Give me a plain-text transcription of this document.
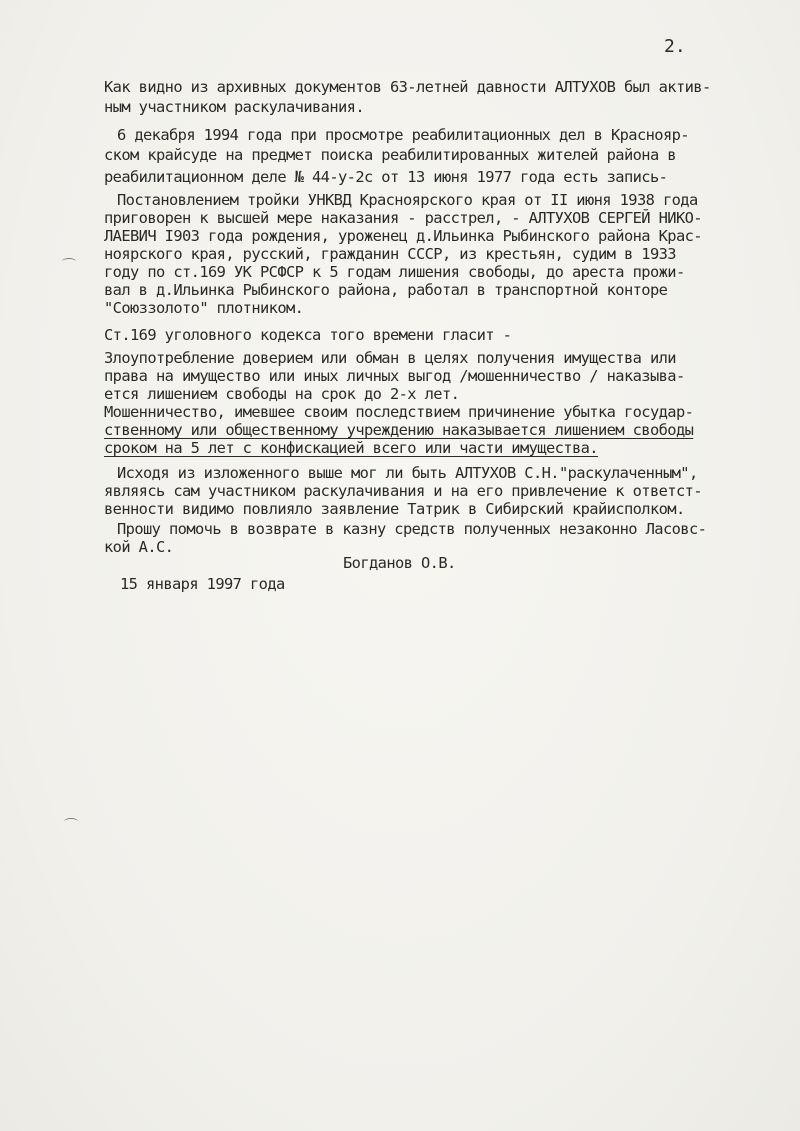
2.
Как видно из архивных документов 63-летней давности АЛТУХОВ был актив-
ным участником раскулачивания.
6 декабря 1994 года при просмотре реабилитационных дел в Краснояр-
ском крайсуде на предмет поиска реабилитированных жителей района в
реабилитационном деле № 44-у-2с от 13 июня 1977 года есть запись-
Постановлением тройки УНКВД Красноярского края от II июня 1938 года
приговорен к высшей мере наказания - расстрел, - АЛТУХОВ СЕРГЕЙ НИКО-
ЛАЕВИЧ I903 года рождения, уроженец д.Ильинка Рыбинского района Крас-
ноярского края, русский, гражданин СССР, из крестьян, судим в 1933
году по ст.169 УК РСФСР к 5 годам лишения свободы, до ареста прожи-
вал в д.Ильинка Рыбинского района, работал в транспортной конторе
"Союззолото" плотником.
Ст.169 уголовного кодекса того времени гласит -
Злоупотребление доверием или обман в целях получения имущества или
права на имущество или иных личных выгод /мошенничество / наказыва-
ется лишением свободы на срок до 2-х лет.
Мошенничество, имевшее своим последствием причинение убытка государ-
ственному или общественному учреждению наказывается лишением свободы
сроком на 5 лет с конфискацией всего или части имущества.
Исходя из изложенного выше мог ли быть АЛТУХОВ С.Н."раскулаченным",
являясь сам участником раскулачивания и на его привлечение к ответст-
венности видимо повлияло заявление Татрик в Сибирский крайисполком.
Прошу помочь в возврате в казну средств полученных незаконно Ласовс-
кой А.С.
Богданов О.В.
15 января 1997 года
